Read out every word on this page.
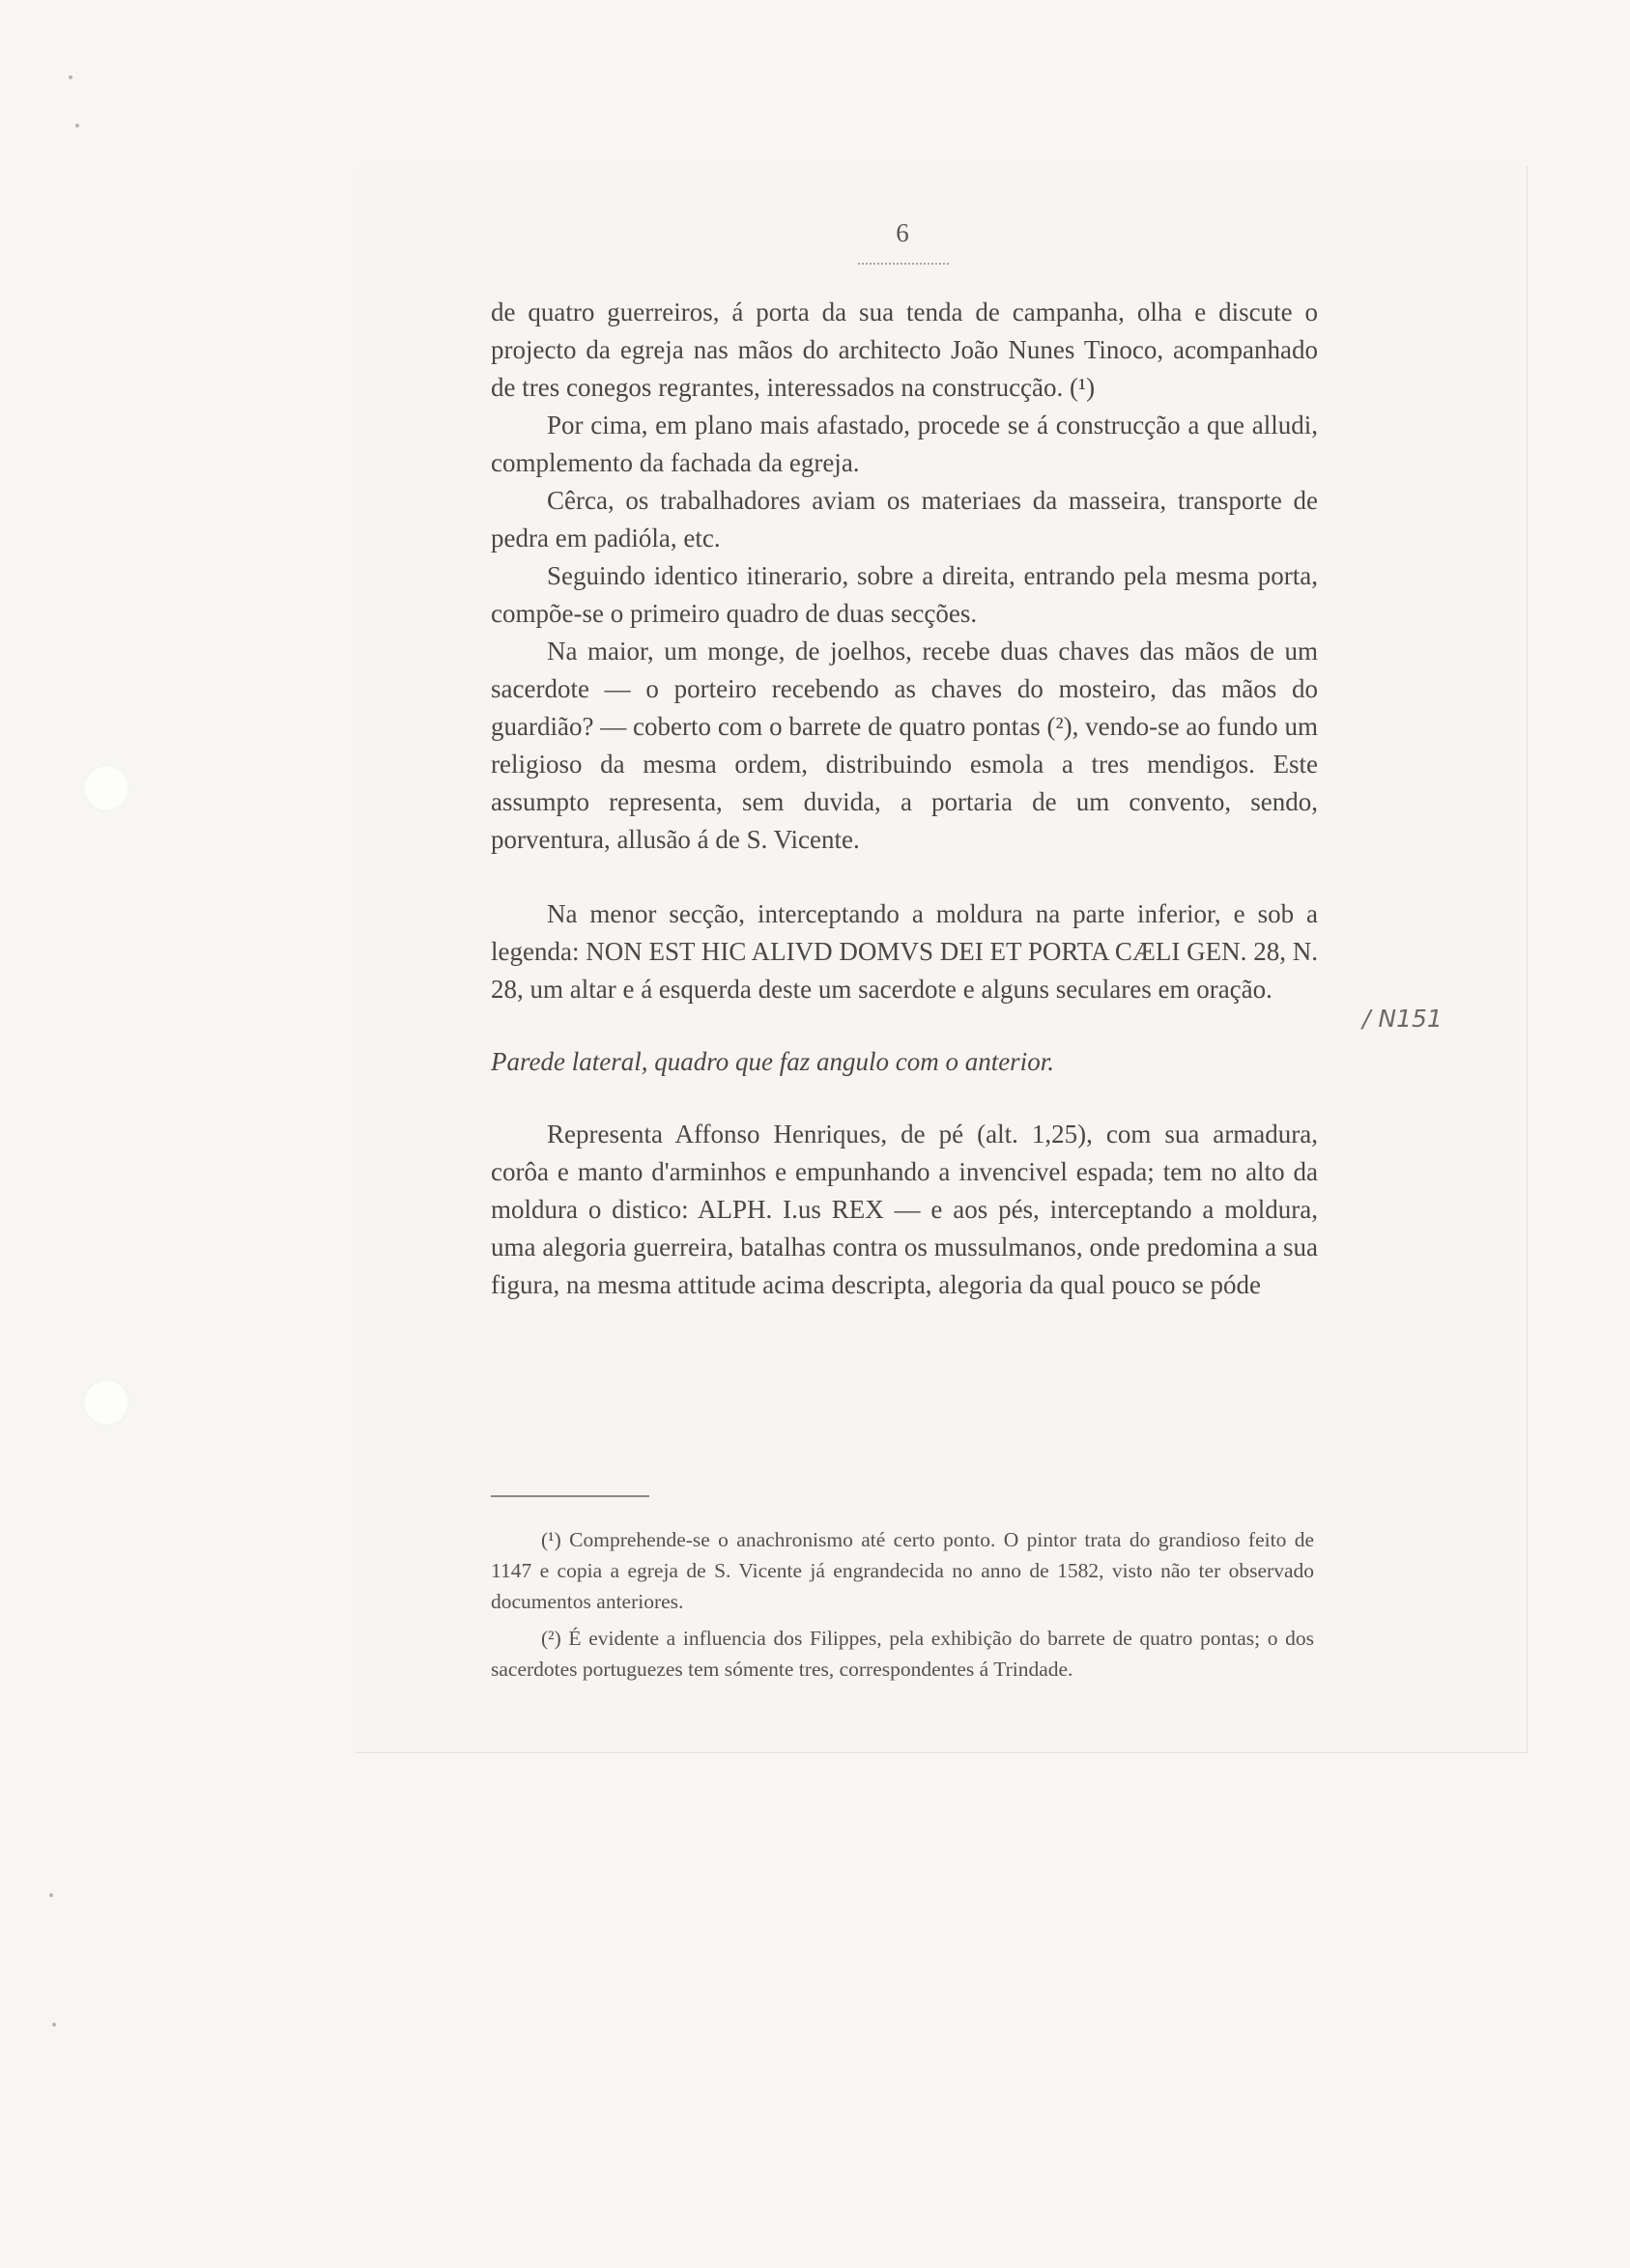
6

de quatro guerreiros, á porta da sua tenda de campanha, olha e discute o projecto da egreja nas mãos do architecto João Nunes Tinoco, acompanhado de tres conegos regrantes, interessados na construcção. (¹)

Por cima, em plano mais afastado, procede se á construcção a que alludi, complemento da fachada da egreja.

Cêrca, os trabalhadores aviam os materiaes da masseira, transporte de pedra em padióla, etc.

Seguindo identico itinerario, sobre a direita, entrando pela mesma porta, compõe-se o primeiro quadro de duas secções.

Na maior, um monge, de joelhos, recebe duas chaves das mãos de um sacerdote — o porteiro recebendo as chaves do mosteiro, das mãos do guardião? — coberto com o barrete de quatro pontas (²), vendo-se ao fundo um religioso da mesma ordem, distribuindo esmola a tres mendigos. Este assumpto representa, sem duvida, a portaria de um convento, sendo, porventura, allusão á de S. Vicente.

Na menor secção, interceptando a moldura na parte inferior, e sob a legenda: NON EST HIC ALIVD DOMVS DEI ET PORTA CÆLI GEN. 28, N. 28, um altar e á esquerda deste um sacerdote e alguns seculares em oração.

Parede lateral, quadro que faz angulo com o anterior.

Representa Affonso Henriques, de pé (alt. 1,25), com sua armadura, corôa e manto d'arminhos e empunhando a invencivel espada; tem no alto da moldura o distico: ALPH. I.us REX — e aos pés, interceptando a moldura, uma alegoria guerreira, batalhas contra os mussulmanos, onde predomina a sua figura, na mesma attitude acima descripta, alegoria da qual pouco se póde

/ N151

(¹) Comprehende-se o anachronismo até certo ponto. O pintor trata do grandioso feito de 1147 e copia a egreja de S. Vicente já engrandecida no anno de 1582, visto não ter observado documentos anteriores.

(²) É evidente a influencia dos Filippes, pela exhibição do barrete de quatro pontas; o dos sacerdotes portuguezes tem sómente tres, correspondentes á Trindade.
